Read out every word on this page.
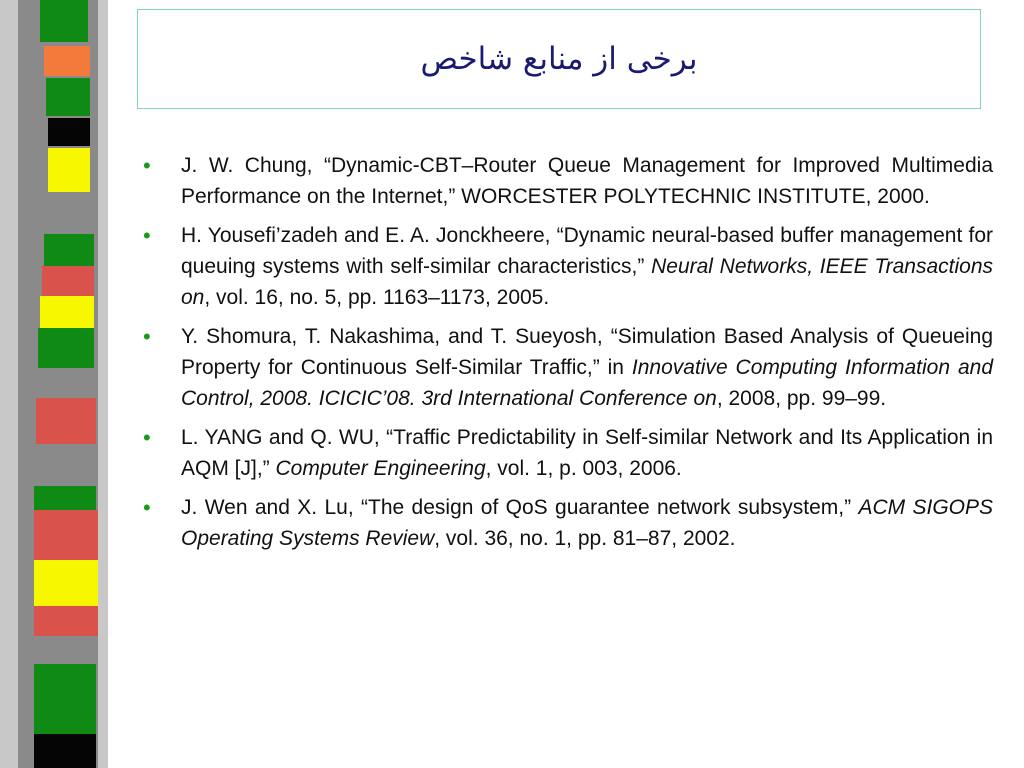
برخی از منابع شاخص
• J. W. Chung, “Dynamic-CBT–Router Queue Management for Improved Multimedia Performance on the Internet,” WORCESTER POLYTECHNIC INSTITUTE, 2000.
• H. Yousefi’zadeh and E. A. Jonckheere, “Dynamic neural-based buffer management for queuing systems with self-similar characteristics,” Neural Networks, IEEE Transactions on, vol. 16, no. 5, pp. 1163–1173, 2005.
• Y. Shomura, T. Nakashima, and T. Sueyosh, “Simulation Based Analysis of Queueing Property for Continuous Self-Similar Traffic,” in Innovative Computing Information and Control, 2008. ICICIC’08. 3rd International Conference on, 2008, pp. 99–99.
• L. YANG and Q. WU, “Traffic Predictability in Self-similar Network and Its Application in AQM [J],” Computer Engineering, vol. 1, p. 003, 2006.
• J. Wen and X. Lu, “The design of QoS guarantee network subsystem,” ACM SIGOPS Operating Systems Review, vol. 36, no. 1, pp. 81–87, 2002.
